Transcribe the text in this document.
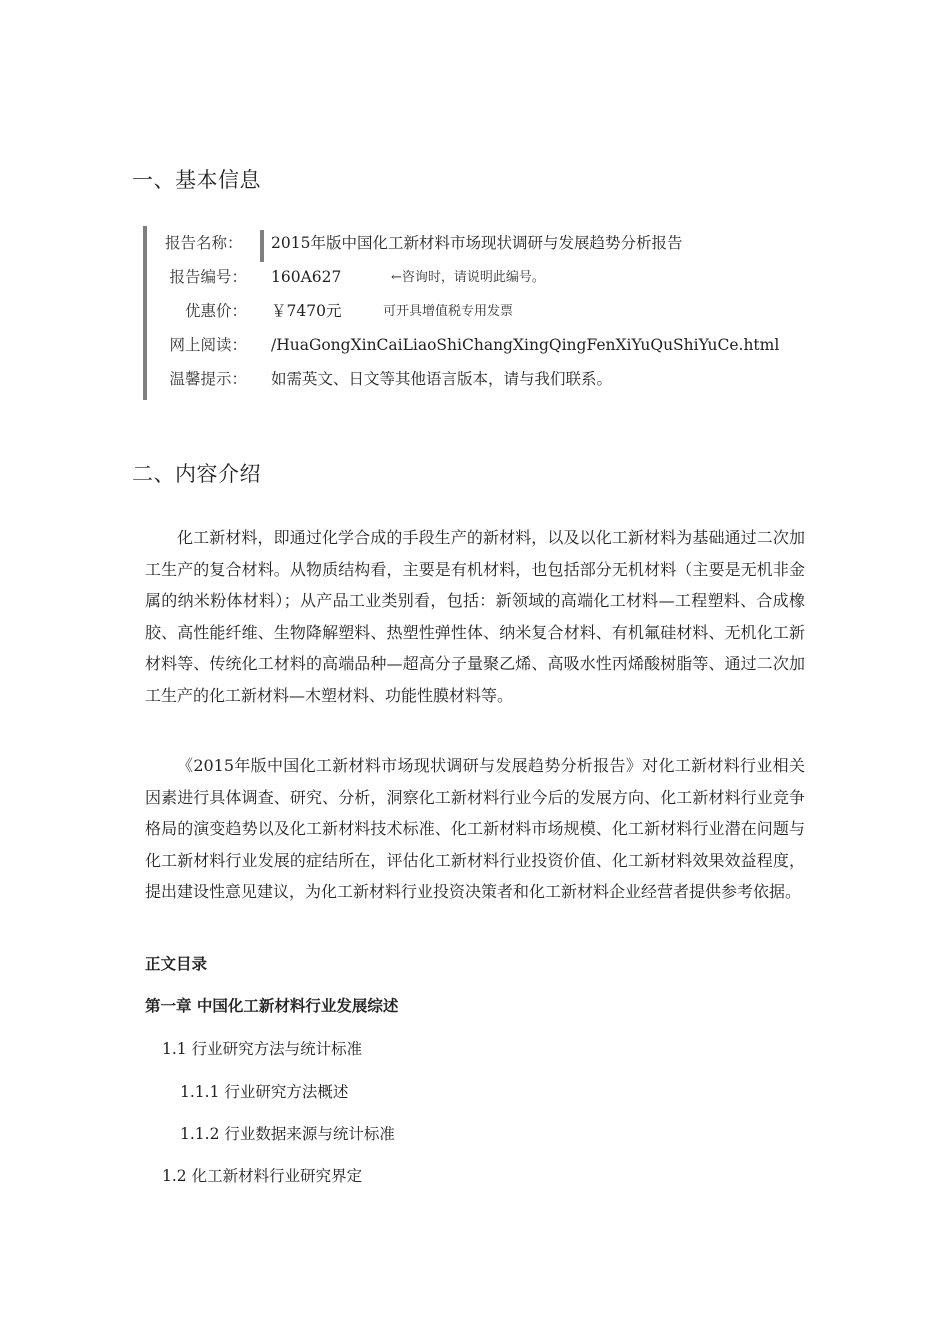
一、基本信息
报告名称： 2015年版中国化工新材料市场现状调研与发展趋势分析报告
报告编号： 160A627	←咨询时，请说明此编号。
优惠价： ￥7470元	可开具增值税专用发票
网上阅读： /HuaGongXinCaiLiaoShiChangXingQingFenXiYuQuShiYuCe.html
温馨提示： 如需英文、日文等其他语言版本，请与我们联系。
二、内容介绍

化工新材料，即通过化学合成的手段生产的新材料，以及以化工新材料为基础通过二次加工生产的复合材料。从物质结构看，主要是有机材料，也包括部分无机材料（主要是无机非金属的纳米粉体材料）；从产品工业类别看，包括：新领域的高端化工材料—工程塑料、合成橡胶、高性能纤维、生物降解塑料、热塑性弹性体、纳米复合材料、有机氟硅材料、无机化工新材料等、传统化工材料的高端品种—超高分子量聚乙烯、高吸水性丙烯酸树脂等、通过二次加工生产的化工新材料—木塑材料、功能性膜材料等。

《2015年版中国化工新材料市场现状调研与发展趋势分析报告》对化工新材料行业相关因素进行具体调查、研究、分析，洞察化工新材料行业今后的发展方向、化工新材料行业竞争格局的演变趋势以及化工新材料技术标准、化工新材料市场规模、化工新材料行业潜在问题与化工新材料行业发展的症结所在，评估化工新材料行业投资价值、化工新材料效果效益程度，提出建设性意见建议，为化工新材料行业投资决策者和化工新材料企业经营者提供参考依据。

正文目录

第一章 中国化工新材料行业发展综述

1.1 行业研究方法与统计标准

1.1.1 行业研究方法概述

1.1.2 行业数据来源与统计标准

1.2 化工新材料行业研究界定
